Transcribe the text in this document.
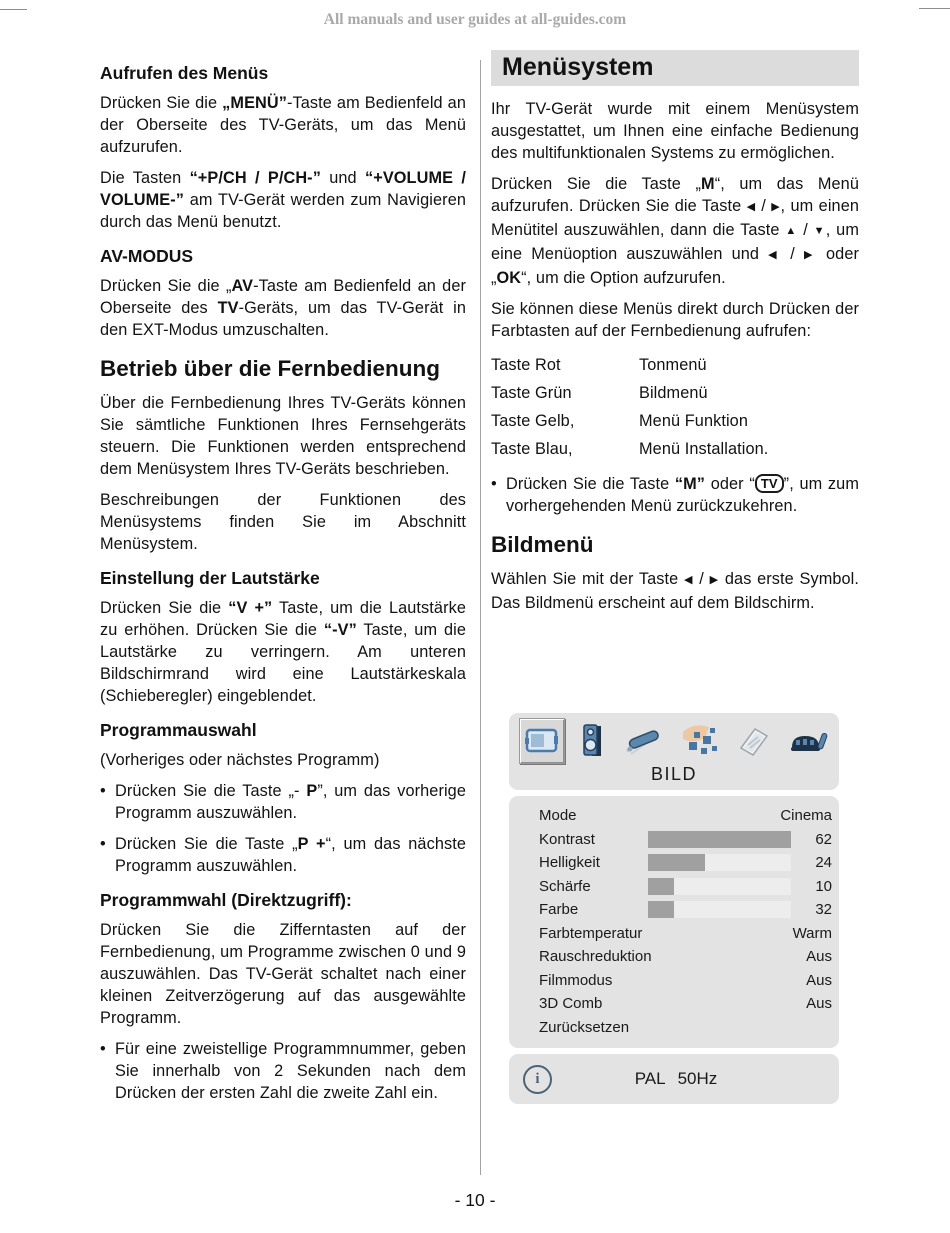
All manuals and user guides at all-guides.com
Aufrufen des Menüs
Drücken Sie die „MENÜ”-Taste am Bedienfeld an der Oberseite des TV-Geräts, um das Menü aufzurufen.
Die Tasten “+P/CH / P/CH-” und “+VOLUME / VOLUME-” am TV-Gerät werden zum Navigieren durch das Menü benutzt.
AV-MODUS
Drücken Sie die „AV-Taste am Bedienfeld an der Oberseite des TV-Geräts, um das TV-Gerät in den EXT-Modus umzuschalten.
Betrieb über die Fernbedienung
Über die Fernbedienung Ihres TV-Geräts können Sie sämtliche Funktionen Ihres Fernsehgeräts steuern. Die Funktionen werden entsprechend dem Menüsystem Ihres TV-Geräts beschrieben.
Beschreibungen der Funktionen des Menüsystems finden Sie im Abschnitt Menüsystem.
Einstellung der Lautstärke
Drücken Sie die “V +” Taste, um die Lautstärke zu erhöhen. Drücken Sie die “-V” Taste, um die Lautstärke zu verringern. Am unteren Bildschirmrand wird eine Lautstärkeskala (Schieberegler) eingeblendet.
Programmauswahl
(Vorheriges oder nächstes Programm)
• Drücken Sie die Taste „- P”, um das vorherige Programm auszuwählen.
• Drücken Sie die Taste „P +“, um das nächste Programm auszuwählen.
Programmwahl (Direktzugriff):
Drücken Sie die Zifferntasten auf der Fernbedienung, um Programme zwischen 0 und 9 auszuwählen. Das TV-Gerät schaltet nach einer kleinen Zeitverzögerung auf das ausgewählte Programm.
• Für eine zweistellige Programmnummer, geben Sie innerhalb von 2 Sekunden nach dem Drücken der ersten Zahl die zweite Zahl ein.
Menüsystem
Ihr TV-Gerät wurde mit einem Menüsystem ausgestattet, um Ihnen eine einfache Bedienung des multifunktionalen Systems zu ermöglichen.
Drücken Sie die Taste „M“, um das Menü aufzurufen. Drücken Sie die Taste ◀ / ▶, um einen Menütitel auszuwählen, dann die Taste ▲ / ▼, um eine Menüoption auszuwählen und ◀ / ▶ oder „OK“, um die Option aufzurufen.
Sie können diese Menüs direkt durch Drücken der Farbtasten auf der Fernbedienung aufrufen:
Taste Rot	Tonmenü
Taste Grün	Bildmenü
Taste Gelb,	Menü Funktion
Taste Blau,	Menü Installation.
• Drücken Sie die Taste “M” oder “ TV ”, um zum vorhergehenden Menü zurückzukehren.
Bildmenü
Wählen Sie mit der Taste ◀ / ▶ das erste Symbol. Das Bildmenü erscheint auf dem Bildschirm.
BILD
Mode	Cinema
Kontrast	62
Helligkeit	24
Schärfe	10
Farbe	32
Farbtemperatur	Warm
Rauschreduktion	Aus
Filmmodus	Aus
3D Comb	Aus
Zurücksetzen
i	PAL 50Hz
- 10 -
